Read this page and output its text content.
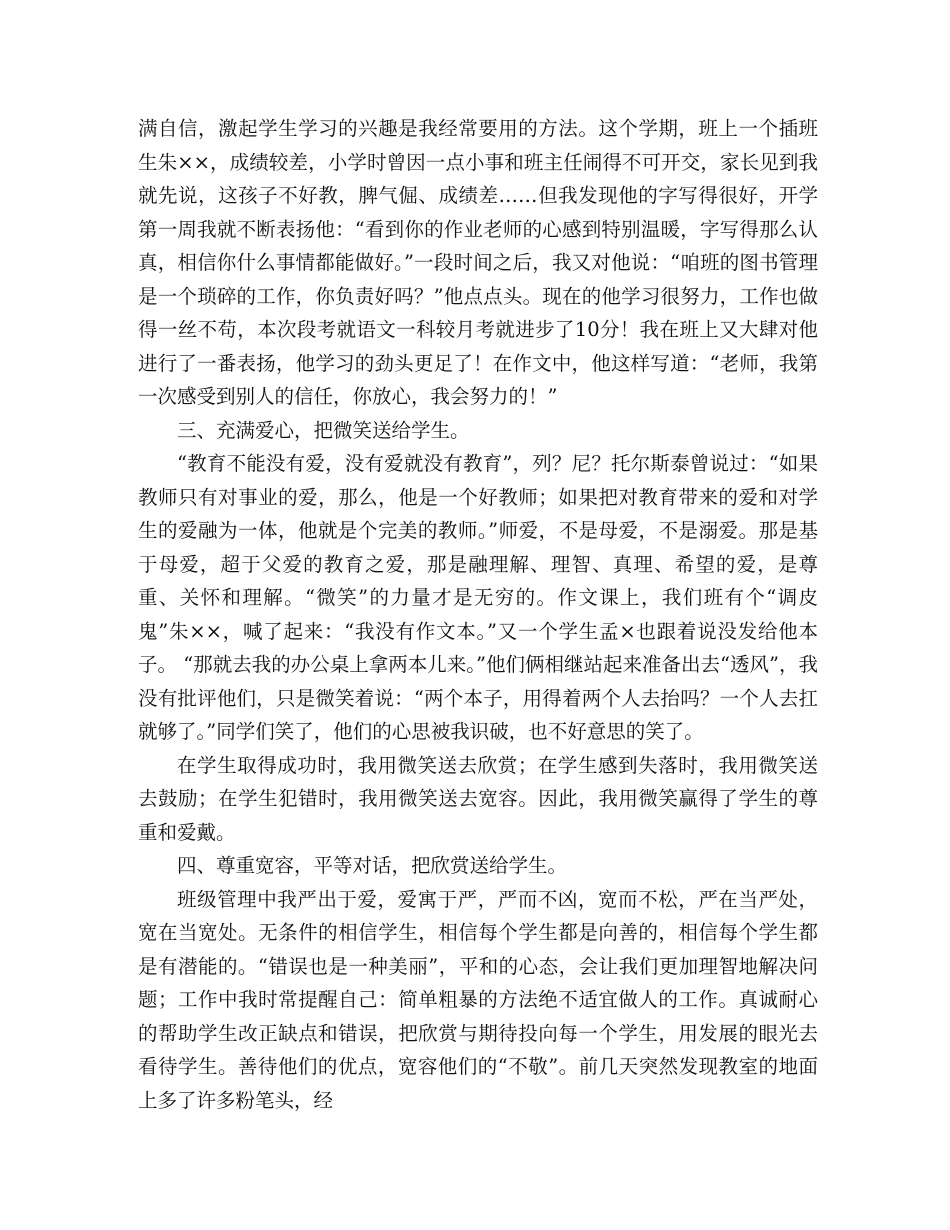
满自信，激起学生学习的兴趣是我经常要用的方法。这个学期，班上一个插班生朱××，成绩较差，小学时曾因一点小事和班主任闹得不可开交，家长见到我就先说，这孩子不好教，脾气倔、成绩差……但我发现他的字写得很好，开学第一周我就不断表扬他：“看到你的作业老师的心感到特别温暖，字写得那么认真，相信你什么事情都能做好。”一段时间之后，我又对他说：“咱班的图书管理是一个琐碎的工作，你负责好吗？”他点点头。现在的他学习很努力，工作也做得一丝不苟，本次段考就语文一科较月考就进步了10分！我在班上又大肆对他进行了一番表扬，他学习的劲头更足了！在作文中，他这样写道：“老师，我第一次感受到别人的信任，你放心，我会努力的！”

三、充满爱心，把微笑送给学生。

“教育不能没有爱，没有爱就没有教育”，列？尼？托尔斯泰曾说过：“如果教师只有对事业的爱，那么，他是一个好教师；如果把对教育带来的爱和对学生的爱融为一体，他就是个完美的教师。”师爱，不是母爱，不是溺爱。那是基于母爱，超于父爱的教育之爱，那是融理解、理智、真理、希望的爱，是尊重、关怀和理解。“微笑”的力量才是无穷的。作文课上，我们班有个“调皮鬼”朱××，喊了起来：“我没有作文本。”又一个学生孟×也跟着说没发给他本子。 “那就去我的办公桌上拿两本儿来。”他们俩相继站起来准备出去“透风”，我没有批评他们，只是微笑着说：“两个本子，用得着两个人去抬吗？一个人去扛就够了。”同学们笑了，他们的心思被我识破，也不好意思的笑了。

在学生取得成功时，我用微笑送去欣赏；在学生感到失落时，我用微笑送去鼓励；在学生犯错时，我用微笑送去宽容。因此，我用微笑赢得了学生的尊重和爱戴。

四、尊重宽容，平等对话，把欣赏送给学生。

班级管理中我严出于爱，爱寓于严，严而不凶，宽而不松，严在当严处，宽在当宽处。无条件的相信学生，相信每个学生都是向善的，相信每个学生都是有潜能的。“错误也是一种美丽”，平和的心态，会让我们更加理智地解决问题；工作中我时常提醒自己：简单粗暴的方法绝不适宜做人的工作。真诚耐心的帮助学生改正缺点和错误，把欣赏与期待投向每一个学生，用发展的眼光去看待学生。善待他们的优点，宽容他们的“不敬”。前几天突然发现教室的地面上多了许多粉笔头，经
